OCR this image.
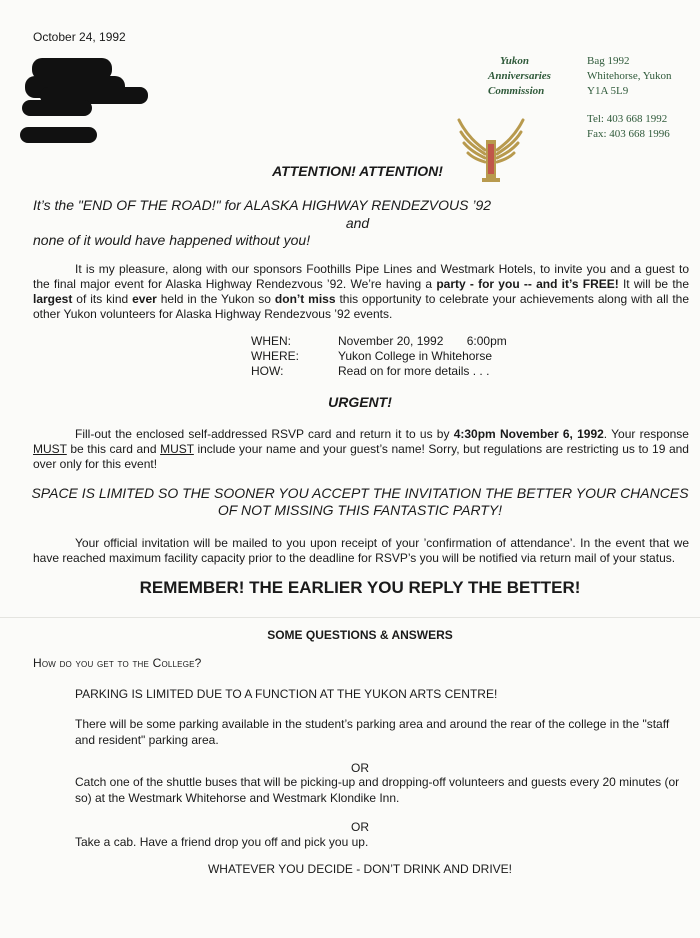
October 24, 1992
Yukon
Anniversaries
Commission
Bag 1992
Whitehorse, Yukon
Y1A 5L9
Tel: 403 668 1992
Fax: 403 668 1996
ATTENTION! ATTENTION!
It’s the "END OF THE ROAD!" for ALASKA HIGHWAY RENDEZVOUS ’92
and
none of it would have happened without you!
It is my pleasure, along with our sponsors Foothills Pipe Lines and Westmark Hotels, to invite you and a guest to the final major event for Alaska Highway Rendezvous ’92. We’re having a party - for you -- and it’s FREE! It will be the largest of its kind ever held in the Yukon so don’t miss this opportunity to celebrate your achievements along with all the other Yukon volunteers for Alaska Highway Rendezvous ’92 events.
WHEN:	November 20, 1992       6:00pm
WHERE:	Yukon College in Whitehorse
HOW:	Read on for more details . . .
URGENT!
Fill-out the enclosed self-addressed RSVP card and return it to us by 4:30pm November 6, 1992. Your response MUST be this card and MUST include your name and your guest’s name! Sorry, but regulations are restricting us to 19 and over only for this event!
SPACE IS LIMITED SO THE SOONER YOU ACCEPT THE INVITATION THE BETTER YOUR CHANCES
OF NOT MISSING THIS FANTASTIC PARTY!
Your official invitation will be mailed to you upon receipt of your ’confirmation of attendance’. In the event that we have reached maximum facility capacity prior to the deadline for RSVP’s you will be notified via return mail of your status.
REMEMBER! THE EARLIER YOU REPLY THE BETTER!
SOME QUESTIONS & ANSWERS
How do you get to the College?
PARKING IS LIMITED DUE TO A FUNCTION AT THE YUKON ARTS CENTRE!
There will be some parking available in the student’s parking area and around the rear of the college in the "staff and resident" parking area.
OR
Catch one of the shuttle buses that will be picking-up and dropping-off volunteers and guests every 20 minutes (or so) at the Westmark Whitehorse and Westmark Klondike Inn.
OR
Take a cab. Have a friend drop you off and pick you up.
WHATEVER YOU DECIDE - DON’T DRINK AND DRIVE!
